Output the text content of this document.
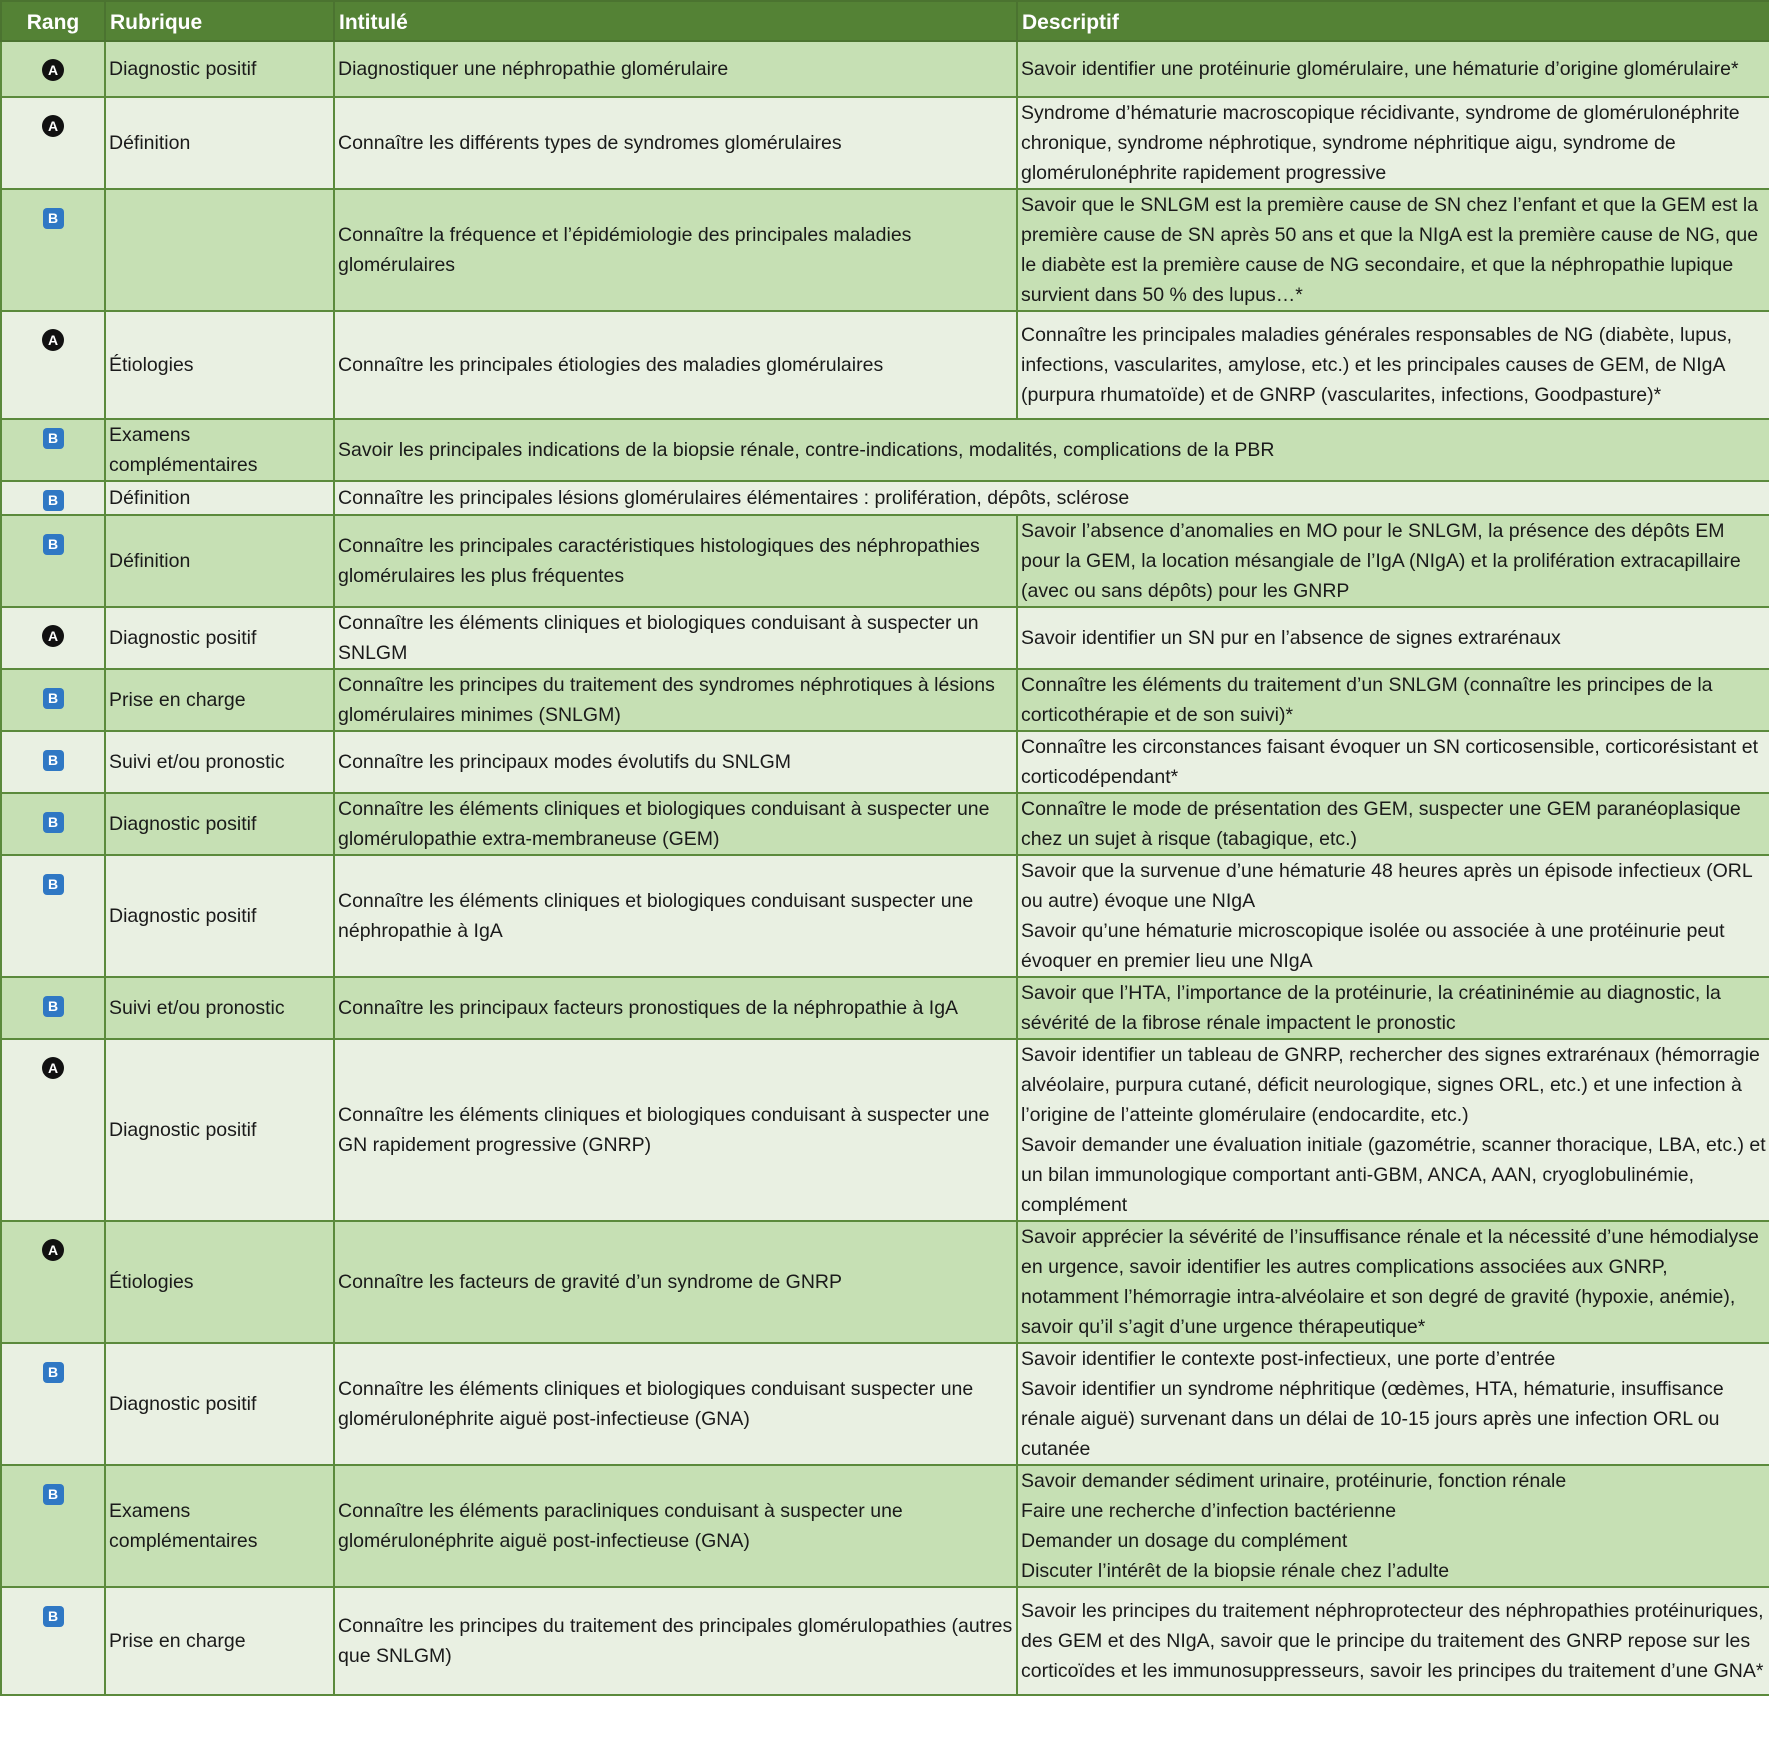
Rang	Rubrique	Intitulé	Descriptif
A	Diagnostic positif	Diagnostiquer une néphropathie glomérulaire	Savoir identifier une protéinurie glomérulaire, une hématurie d’origine glomérulaire*

A	Définition	Connaître les différents types de syndromes glomérulaires	Syndrome d’hématurie macroscopique récidivante, syndrome de glomérulonéphrite chronique, syndrome néphrotique, syndrome néphritique aigu, syndrome de glomérulonéphrite rapidement progressive

B		Connaître la fréquence et l’épidémiologie des principales maladies glomérulaires	Savoir que le SNLGM est la première cause de SN chez l’enfant et que la GEM est la première cause de SN après 50 ans et que la NIgA est la première cause de NG, que le diabète est la première cause de NG secondaire, et que la néphropathie lupique survient dans 50 % des lupus…*

A	Étiologies	Connaître les principales étiologies des maladies glomérulaires	Connaître les principales maladies générales responsables de NG (diabète, lupus, infections, vascularites, amylose, etc.) et les principales causes de GEM, de NIgA (purpura rhumatoïde) et de GNRP (vascularites, infections, Goodpasture)*

B	Examens complémentaires	Savoir les principales indications de la biopsie rénale, contre-indications, modalités, complications de la PBR	
B	Définition	Connaître les principales lésions glomérulaires élémentaires : prolifération, dépôts, sclérose	
B	Définition	Connaître les principales caractéristiques histologiques des néphropathies glomérulaires les plus fréquentes	Savoir l’absence d’anomalies en MO pour le SNLGM, la présence des dépôts EM pour la GEM, la location mésangiale de l’IgA (NIgA) et la prolifération extracapillaire (avec ou sans dépôts) pour les GNRP

A	Diagnostic positif	Connaître les éléments cliniques et biologiques conduisant à suspecter un SNLGM	Savoir identifier un SN pur en l’absence de signes extrarénaux

B	Prise en charge	Connaître les principes du traitement des syndromes néphrotiques à lésions glomérulaires minimes (SNLGM)	Connaître les éléments du traitement d’un SNLGM (connaître les principes de la corticothérapie et de son suivi)*

B	Suivi et/ou pronostic	Connaître les principaux modes évolutifs du SNLGM	Connaître les circonstances faisant évoquer un SN corticosensible, corticorésistant et corticodépendant*

B	Diagnostic positif	Connaître les éléments cliniques et biologiques conduisant à suspecter une glomérulopathie extra-membraneuse (GEM)	Connaître le mode de présentation des GEM, suspecter une GEM paranéoplasique chez un sujet à risque (tabagique, etc.)

B	Diagnostic positif	Connaître les éléments cliniques et biologiques conduisant suspecter une néphropathie à IgA	Savoir que la survenue d’une hématurie 48 heures après un épisode infectieux (ORL ou autre) évoque une NIgA
Savoir qu’une hématurie microscopique isolée ou associée à une protéinurie peut évoquer en premier lieu une NIgA

B	Suivi et/ou pronostic	Connaître les principaux facteurs pronostiques de la néphropathie à IgA	Savoir que l’HTA, l’importance de la protéinurie, la créatininémie au diagnostic, la sévérité de la fibrose rénale impactent le pronostic

A	Diagnostic positif	Connaître les éléments cliniques et biologiques conduisant à suspecter une GN rapidement progressive (GNRP)	Savoir identifier un tableau de GNRP, rechercher des signes extrarénaux (hémorragie alvéolaire, purpura cutané, déficit neurologique, signes ORL, etc.) et une infection à l’origine de l’atteinte glomérulaire (endocardite, etc.)
Savoir demander une évaluation initiale (gazométrie, scanner thoracique, LBA, etc.) et un bilan immunologique comportant anti-GBM, ANCA, AAN, cryoglobulinémie, complément

A	Étiologies	Connaître les facteurs de gravité d’un syndrome de GNRP	Savoir apprécier la sévérité de l’insuffisance rénale et la nécessité d’une hémodialyse en urgence, savoir identifier les autres complications associées aux GNRP, notamment l’hémorragie intra-alvéolaire et son degré de gravité (hypoxie, anémie), savoir qu’il s’agit d’une urgence thérapeutique*

B	Diagnostic positif	Connaître les éléments cliniques et biologiques conduisant suspecter une glomérulonéphrite aiguë post-infectieuse (GNA)	Savoir identifier le contexte post-infectieux, une porte d’entrée
Savoir identifier un syndrome néphritique (œdèmes, HTA, hématurie, insuffisance rénale aiguë) survenant dans un délai de 10-15 jours après une infection ORL ou cutanée

B	Examens complémentaires	Connaître les éléments paracliniques conduisant à suspecter une glomérulonéphrite aiguë post-infectieuse (GNA)	Savoir demander sédiment urinaire, protéinurie, fonction rénale
Faire une recherche d’infection bactérienne
Demander un dosage du complément
Discuter l’intérêt de la biopsie rénale chez l’adulte

B	Prise en charge	Connaître les principes du traitement des principales glomérulopathies (autres que SNLGM)	Savoir les principes du traitement néphroprotecteur des néphropathies protéinuriques, des GEM et des NIgA, savoir que le principe du traitement des GNRP repose sur les corticoïdes et les immunosuppresseurs, savoir les principes du traitement d’une GNA*
